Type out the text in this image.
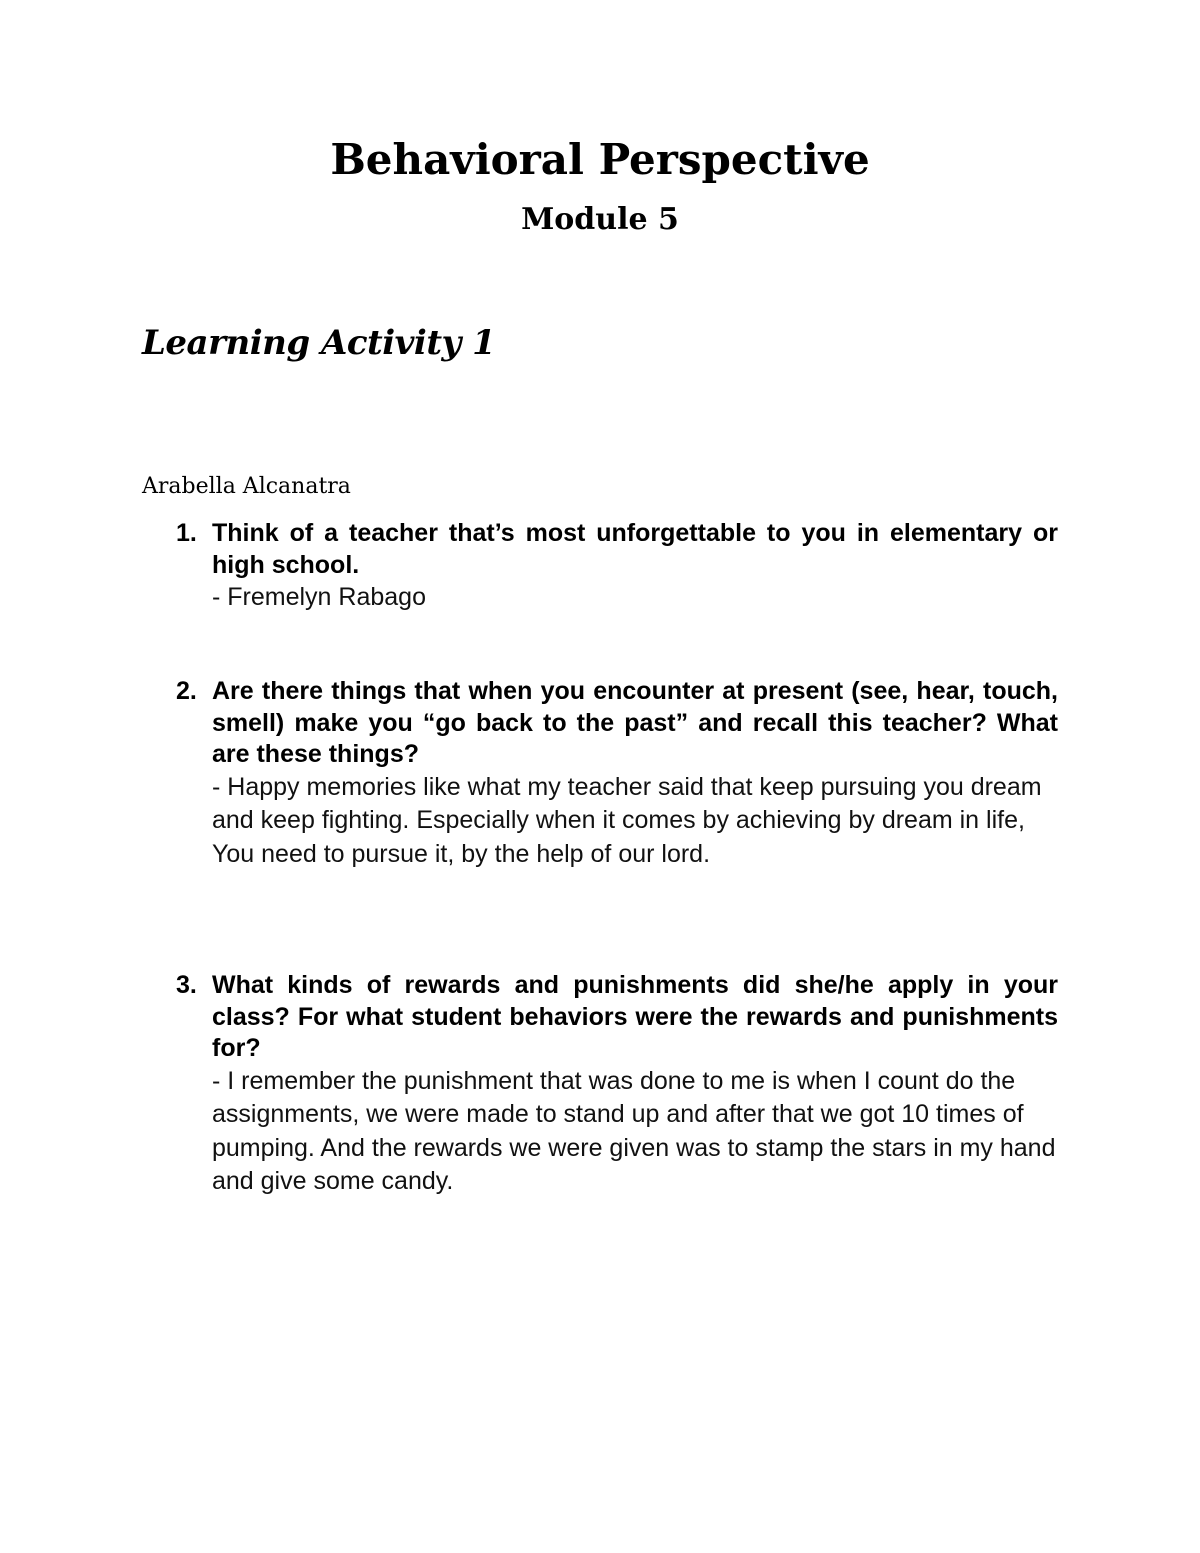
Behavioral Perspective
Module 5
Learning Activity 1
Arabella Alcanatra
1. Think of a teacher that’s most unforgettable to you in elementary or high school.
- Fremelyn Rabago
2. Are there things that when you encounter at present (see, hear, touch, smell) make you “go back to the past” and recall this teacher? What are these things?
- Happy memories like what my teacher said that keep pursuing you dream and keep fighting. Especially when it comes by achieving by dream in life, You need to pursue it, by the help of our lord.
3. What kinds of rewards and punishments did she/he apply in your class? For what student behaviors were the rewards and punishments for?
- I remember the punishment that was done to me is when I count do the assignments, we were made to stand up and after that we got 10 times of pumping. And the rewards we were given was to stamp the stars in my hand and give some candy.
